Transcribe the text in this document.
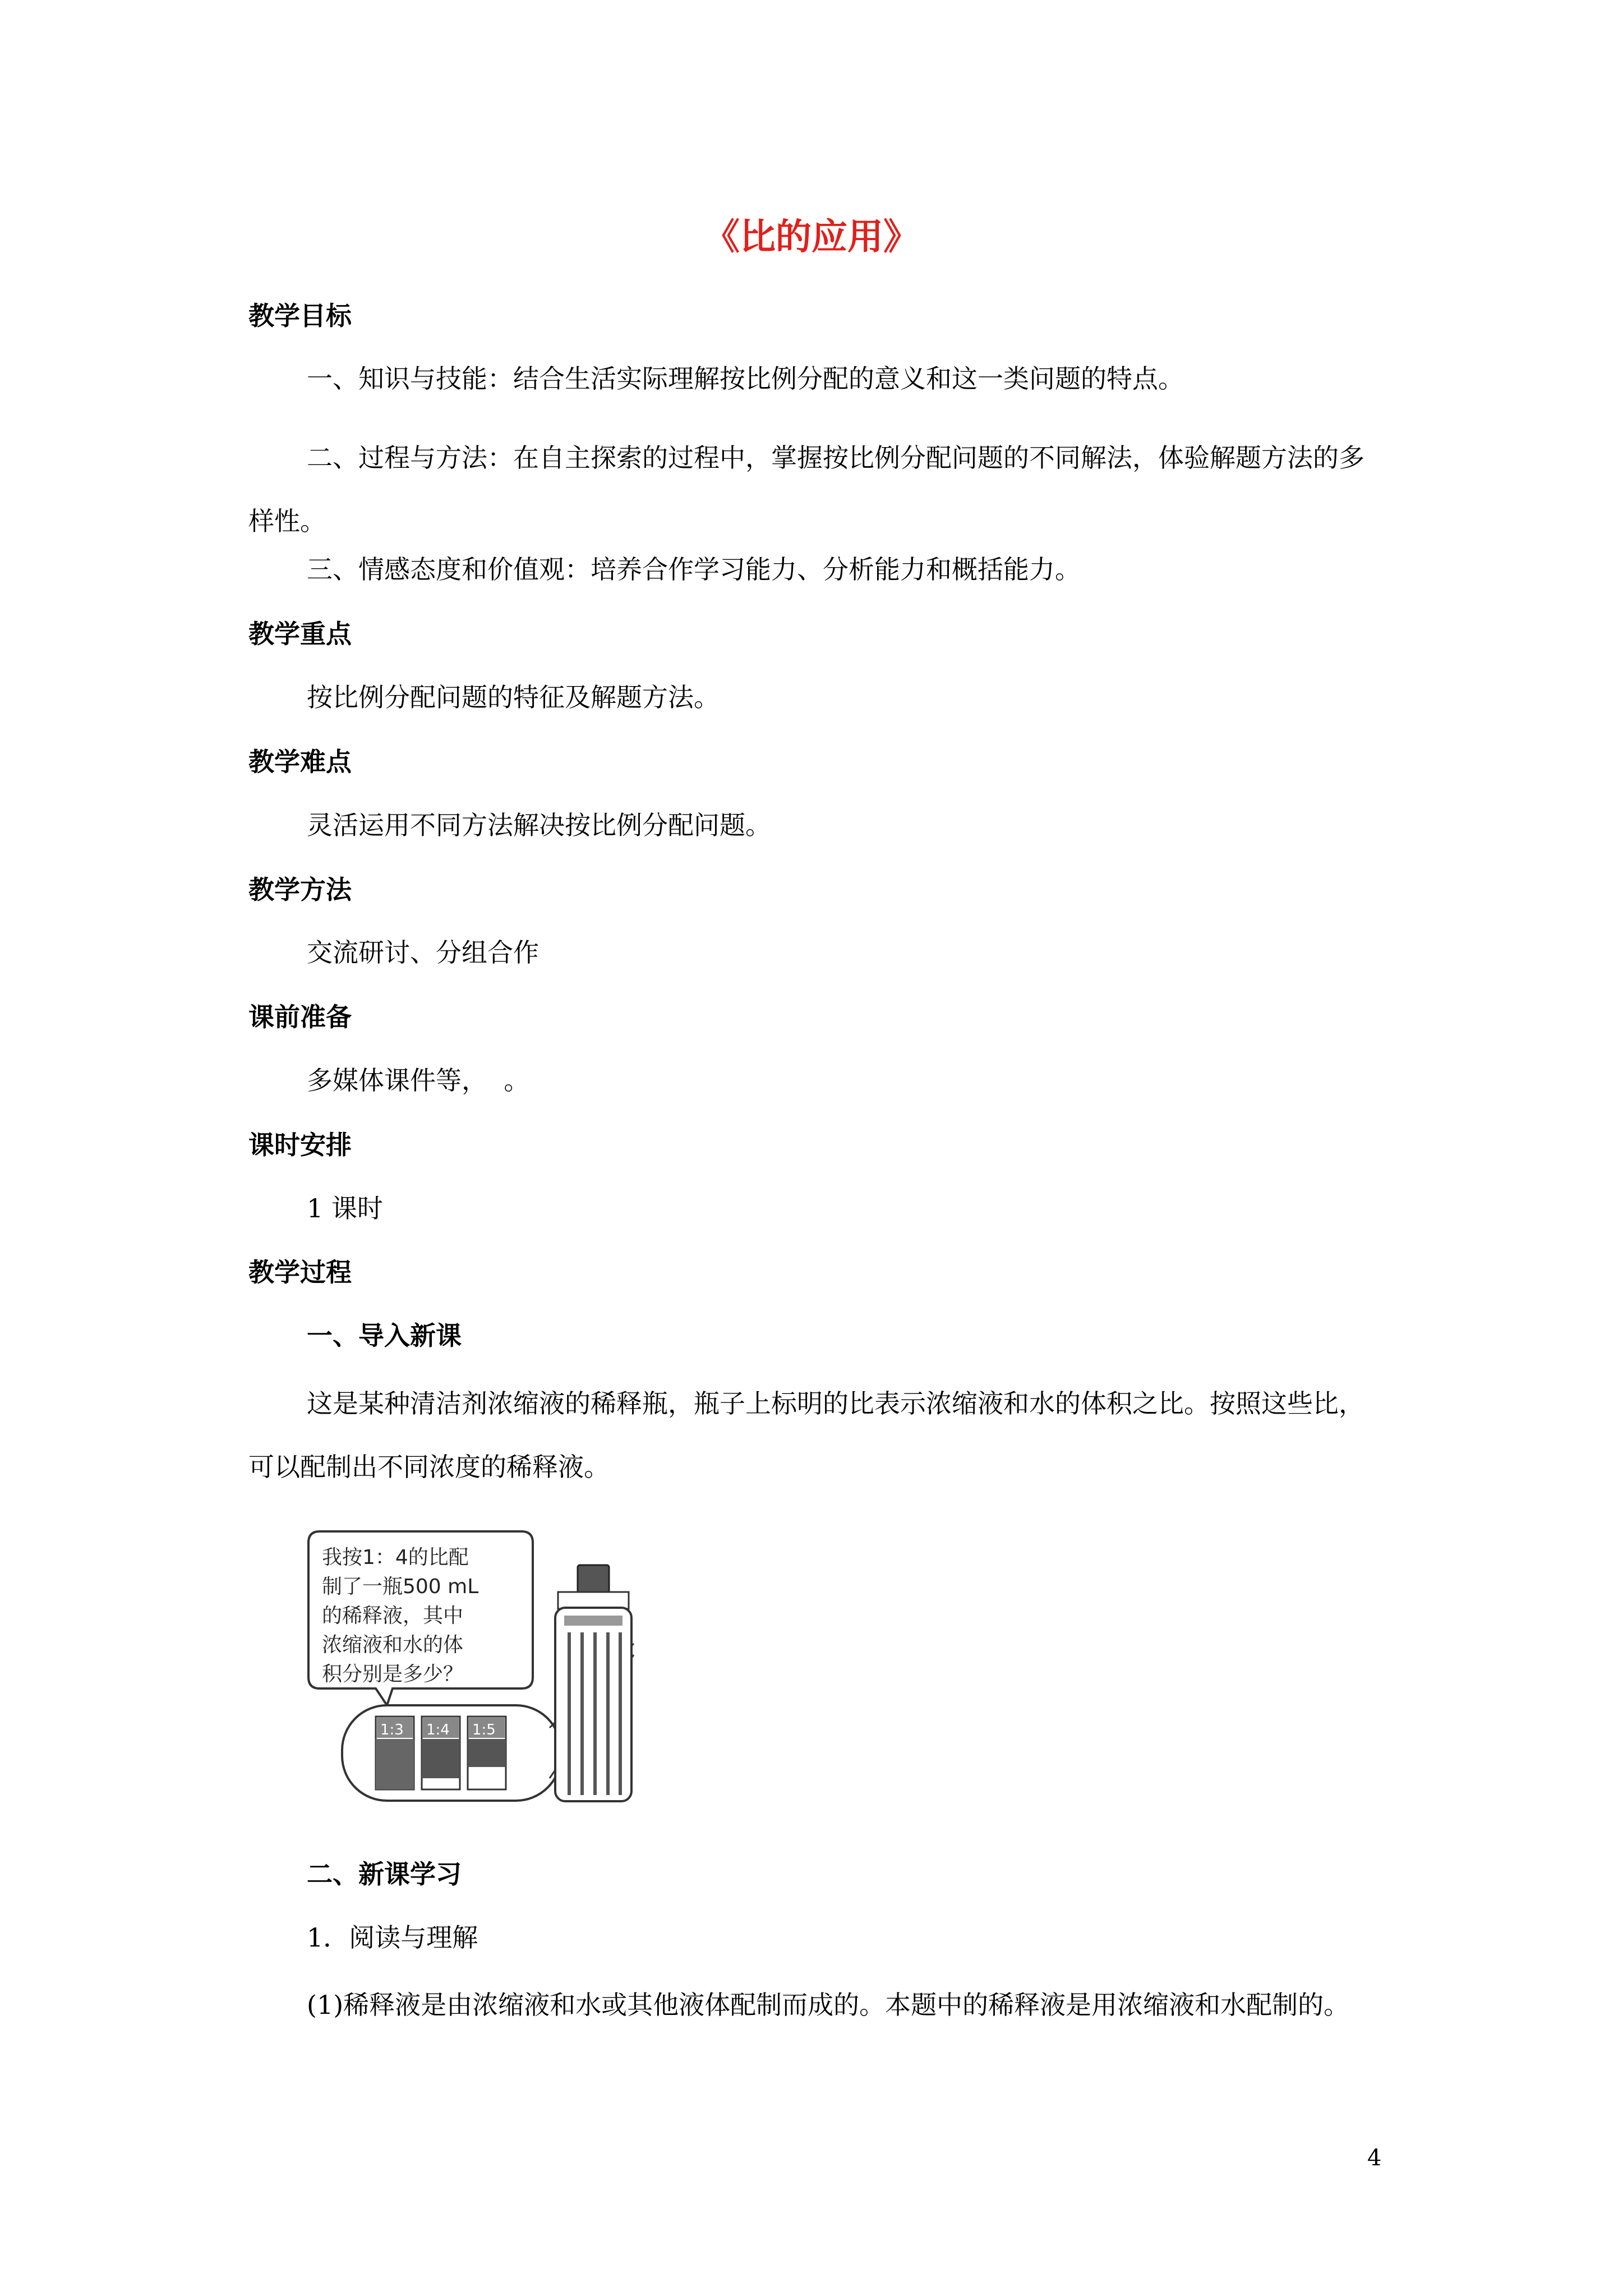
《比的应用》
教学目标

一、知识与技能：结合生活实际理解按比例分配的意义和这一类问题的特点。

二、过程与方法：在自主探索的过程中，掌握按比例分配问题的不同解法，体验解题方法的多样性。

三、情感态度和价值观：培养合作学习能力、分析能力和概括能力。

教学重点

按比例分配问题的特征及解题方法。

教学难点

灵活运用不同方法解决按比例分配问题。

教学方法

交流研讨、分组合作

课前准备

多媒体课件等，  。

课时安排

1 课时

教学过程
一、导入新课

这是某种清洁剂浓缩液的稀释瓶，瓶子上标明的比表示浓缩液和水的体积之比。按照这些比，可以配制出不同浓度的稀释液。

我按1：4的比配
制了一瓶500 mL
的稀释液，其中
浓缩液和水的体
积分别是多少？
1:3 1:4 1:5
二、新课学习

1．阅读与理解

(1)稀释液是由浓缩液和水或其他液体配制而成的。本题中的稀释液是用浓缩液和水配制的。

4
